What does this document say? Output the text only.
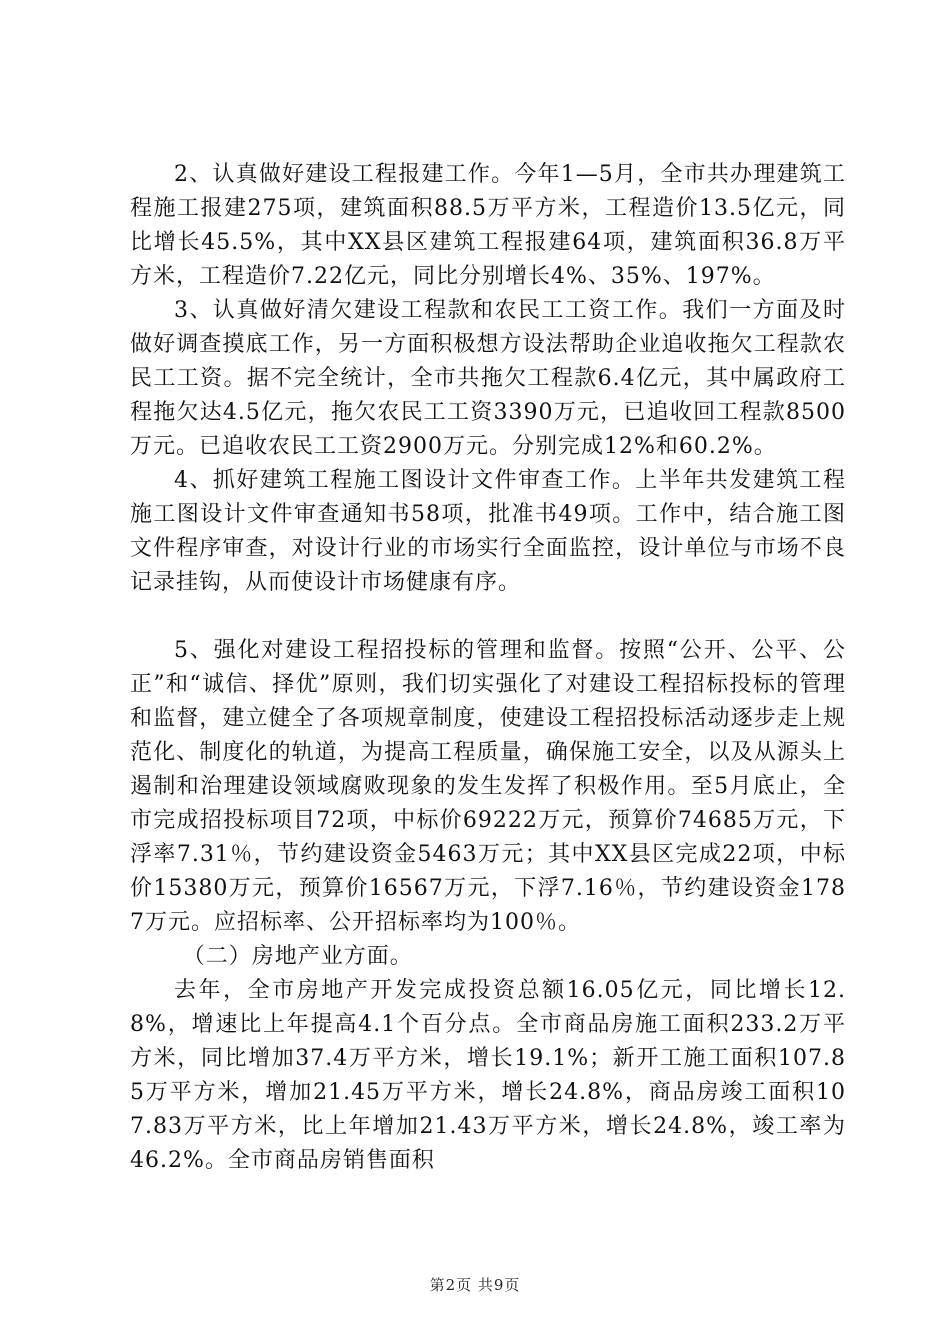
2、认真做好建设工程报建工作。今年1—5月，全市共办理建筑工程施工报建275项，建筑面积88.5万平方米，工程造价13.5亿元，同比增长45.5%，其中XX县区建筑工程报建64项，建筑面积36.8万平方米，工程造价7.22亿元，同比分别增长4%、35%、197%。

3、认真做好清欠建设工程款和农民工工资工作。我们一方面及时做好调查摸底工作，另一方面积极想方设法帮助企业追收拖欠工程款农民工工资。据不完全统计，全市共拖欠工程款6.4亿元，其中属政府工程拖欠达4.5亿元，拖欠农民工工资3390万元，已追收回工程款8500万元。已追收农民工工资2900万元。分别完成12%和60.2%。

4、抓好建筑工程施工图设计文件审查工作。上半年共发建筑工程施工图设计文件审查通知书58项，批准书49项。工作中，结合施工图文件程序审查，对设计行业的市场实行全面监控，设计单位与市场不良记录挂钩，从而使设计市场健康有序。

5、强化对建设工程招投标的管理和监督。按照“公开、公平、公正”和“诚信、择优”原则，我们切实强化了对建设工程招标投标的管理和监督，建立健全了各项规章制度，使建设工程招投标活动逐步走上规范化、制度化的轨道，为提高工程质量，确保施工安全，以及从源头上遏制和治理建设领域腐败现象的发生发挥了积极作用。至5月底止，全市完成招投标项目72项，中标价69222万元，预算价74685万元，下浮率7.31％，节约建设资金5463万元；其中XX县区完成22项，中标价15380万元，预算价16567万元，下浮7.16％，节约建设资金1787万元。应招标率、公开招标率均为100％。

（二）房地产业方面。

去年，全市房地产开发完成投资总额16.05亿元，同比增长12.8%，增速比上年提高4.1个百分点。全市商品房施工面积233.2万平方米，同比增加37.4万平方米，增长19.1%；新开工施工面积107.85万平方米，增加21.45万平方米，增长24.8%，商品房竣工面积107.83万平方米，比上年增加21.43万平方米，增长24.8%，竣工率为46.2%。全市商品房销售面积

第2页 共9页
